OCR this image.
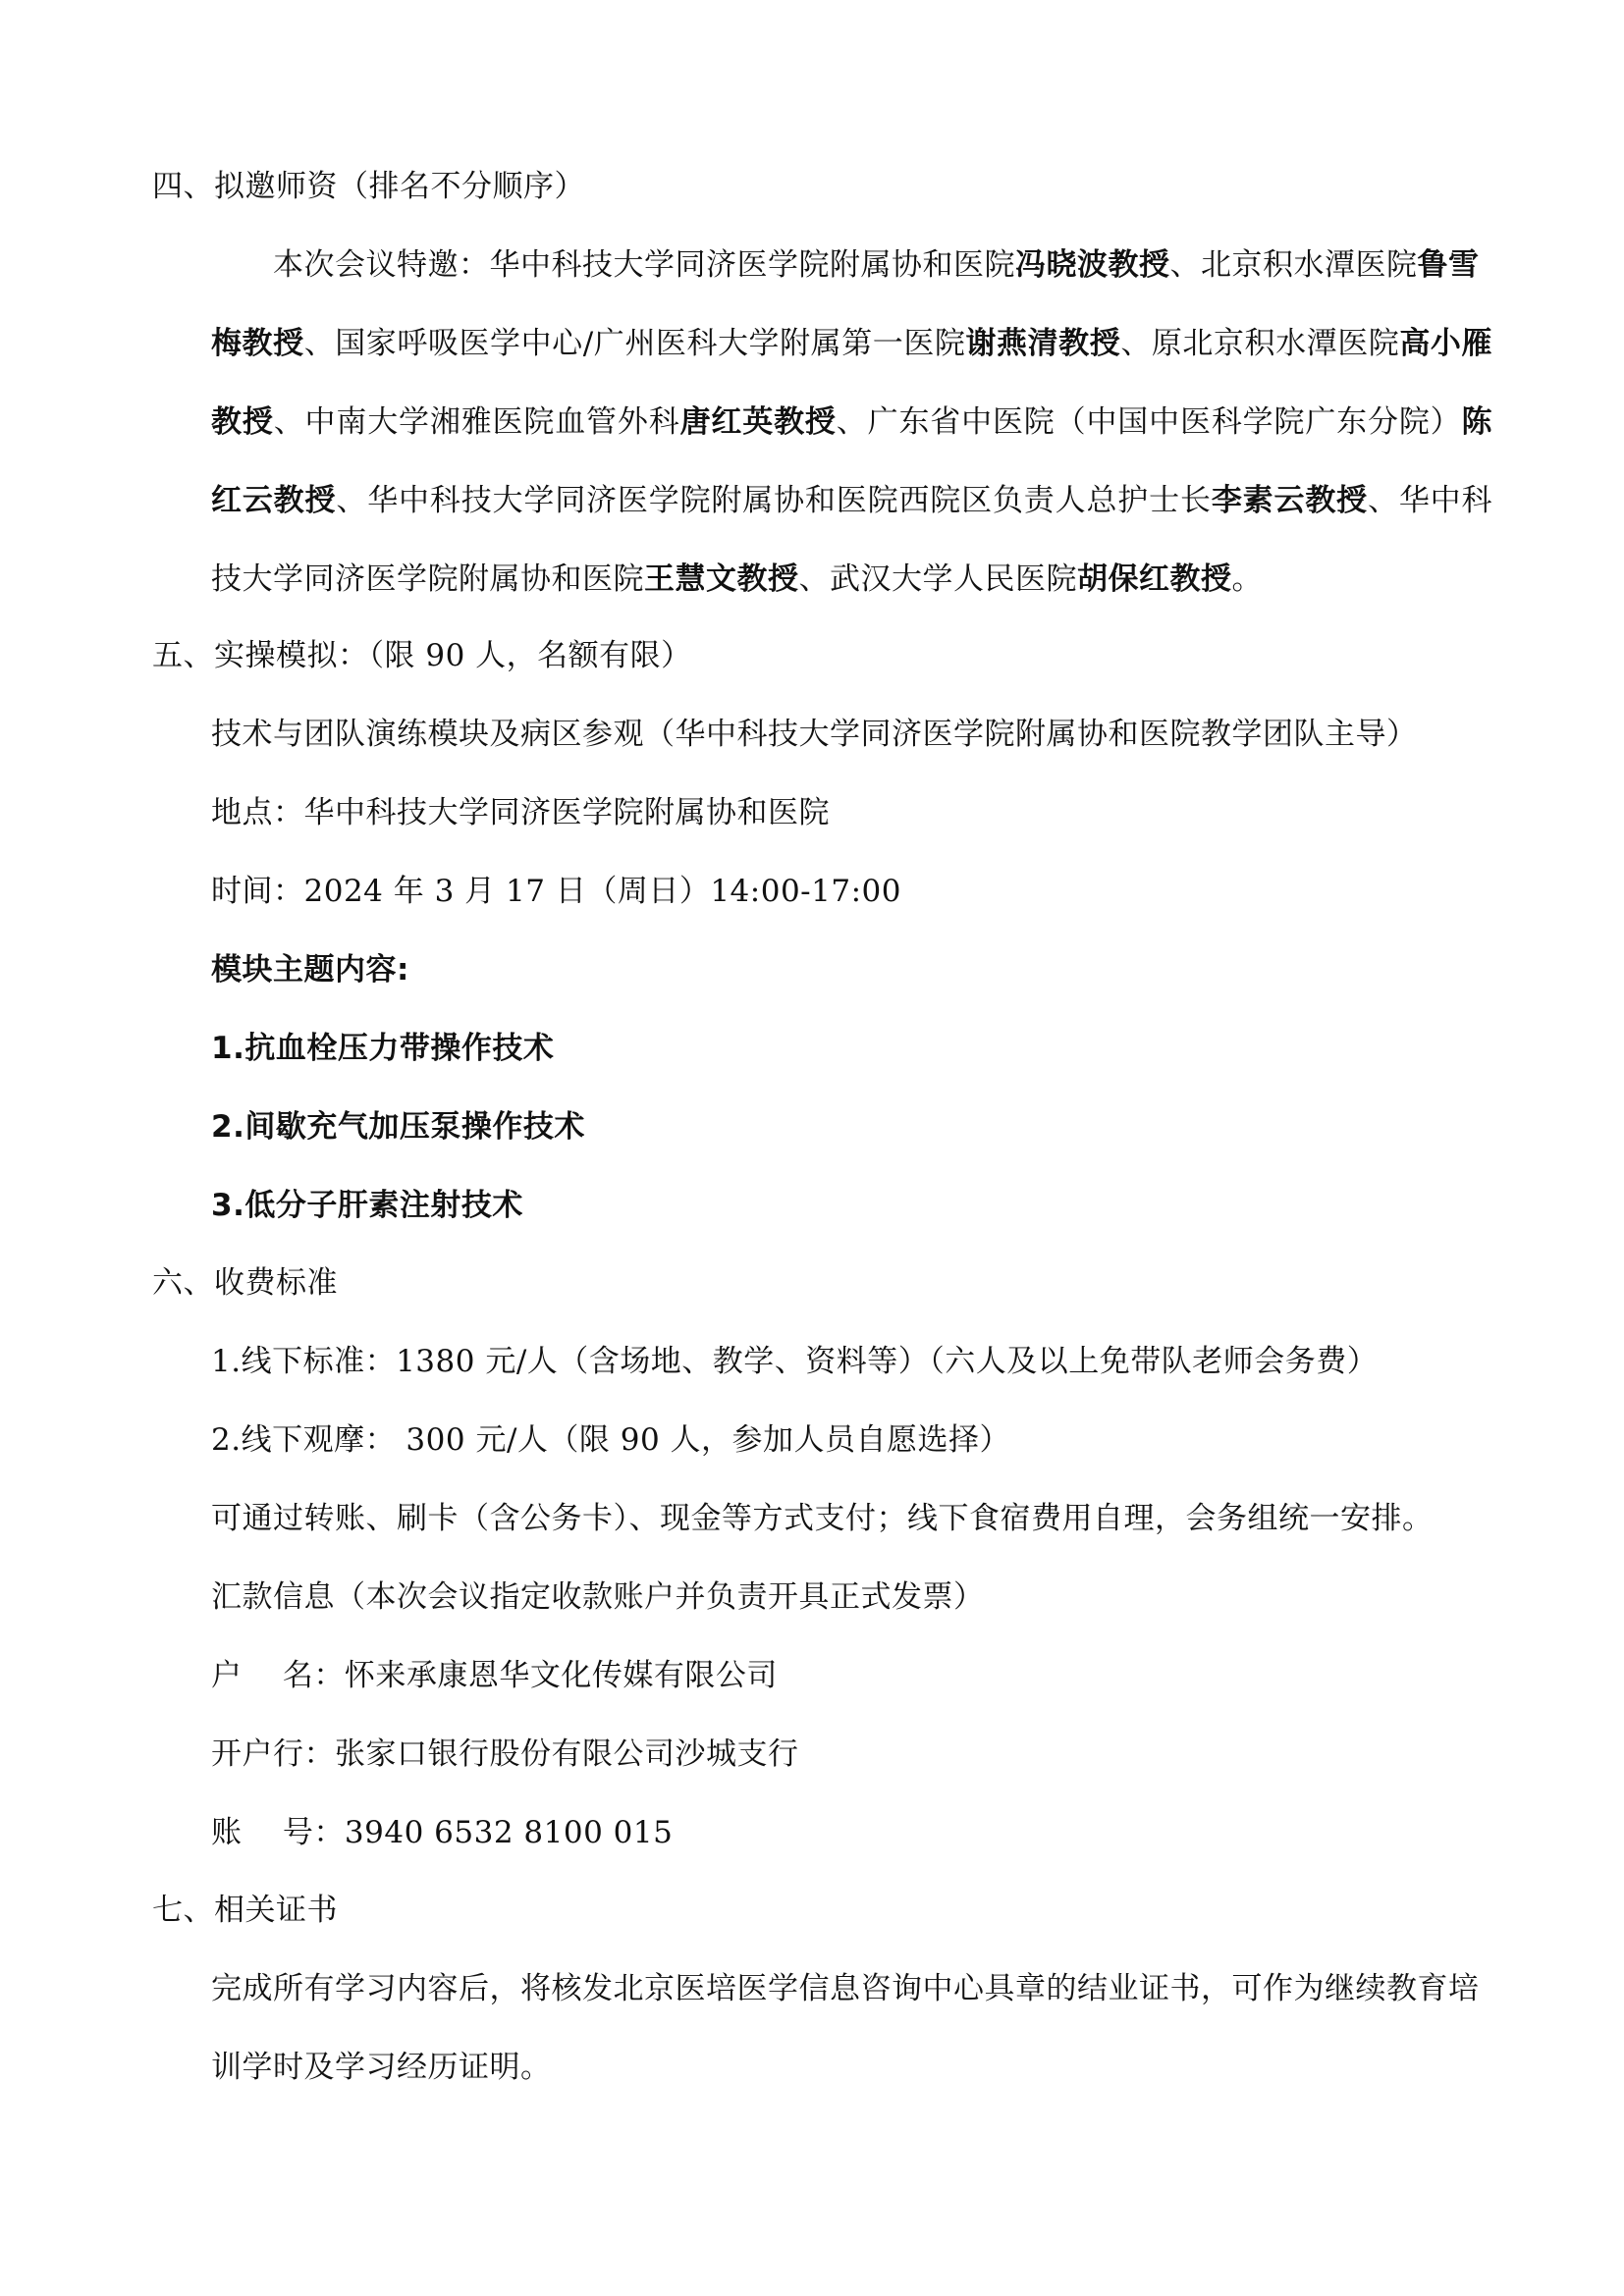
四、拟邀师资（排名不分顺序）
本次会议特邀：华中科技大学同济医学院附属协和医院冯晓波教授、北京积水潭医院鲁雪
梅教授、国家呼吸医学中心/广州医科大学附属第一医院谢燕清教授、原北京积水潭医院高小雁
教授、中南大学湘雅医院血管外科唐红英教授、广东省中医院（中国中医科学院广东分院）陈
红云教授、华中科技大学同济医学院附属协和医院西院区负责人总护士长李素云教授、华中科
技大学同济医学院附属协和医院王慧文教授、武汉大学人民医院胡保红教授。
五、实操模拟：（限 90 人，名额有限）
技术与团队演练模块及病区参观（华中科技大学同济医学院附属协和医院教学团队主导）
地点：华中科技大学同济医学院附属协和医院
时间：2024 年 3 月 17 日（周日）14:00-17:00
模块主题内容:
1.抗血栓压力带操作技术
2.间歇充气加压泵操作技术
3.低分子肝素注射技术
六、收费标准
1.线下标准：1380 元/人（含场地、教学、资料等）（六人及以上免带队老师会务费）
2.线下观摩： 300 元/人（限 90 人，参加人员自愿选择）
可通过转账、刷卡（含公务卡）、现金等方式支付；线下食宿费用自理，会务组统一安排。
汇款信息（本次会议指定收款账户并负责开具正式发票）
户    名：怀来承康恩华文化传媒有限公司
开户行：张家口银行股份有限公司沙城支行
账    号：3940 6532 8100 015
七、相关证书
完成所有学习内容后，将核发北京医培医学信息咨询中心具章的结业证书，可作为继续教育培
训学时及学习经历证明。
